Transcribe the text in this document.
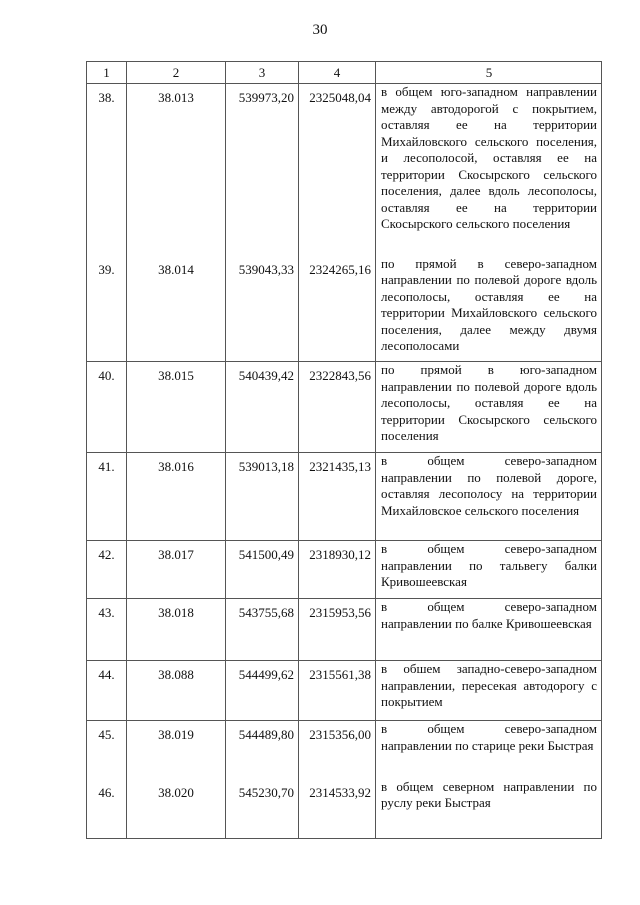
30
1	2	3	4	5
38.	38.013	539973,20	2325048,04	в общем юго-западном направлении между автодорогой с покрытием, оставляя ее на территории Михайловского сельского поселения, и лесополосой, оставляя ее на территории Скосырского сельского поселения, далее вдоль лесополосы, оставляя ее на территории Скосырского сельского поселения
39.	38.014	539043,33	2324265,16	по прямой в северо-западном направлении по полевой дороге вдоль лесополосы, оставляя ее на территории Михайловского сельского поселения, далее между двумя лесополосами
40.	38.015	540439,42	2322843,56	по прямой в юго-западном направлении по полевой дороге вдоль лесополосы, оставляя ее на территории Скосырского сельского поселения
41.	38.016	539013,18	2321435,13	в общем северо-западном направлении по полевой дороге, оставляя лесополосу на территории Михайловское сельского поселения
42.	38.017	541500,49	2318930,12	в общем северо-западном направлении по тальвегу балки Кривошеевская
43.	38.018	543755,68	2315953,56	в общем северо-западном направлении по балке Кривошеевская
44.	38.088	544499,62	2315561,38	в обшем западно-северо-западном направлении, пересекая автодорогу с покрытием
45.	38.019	544489,80	2315356,00	в общем северо-западном направлении по старице реки Быстрая
46.	38.020	545230,70	2314533,92	в общем северном направлении по руслу реки Быстрая
